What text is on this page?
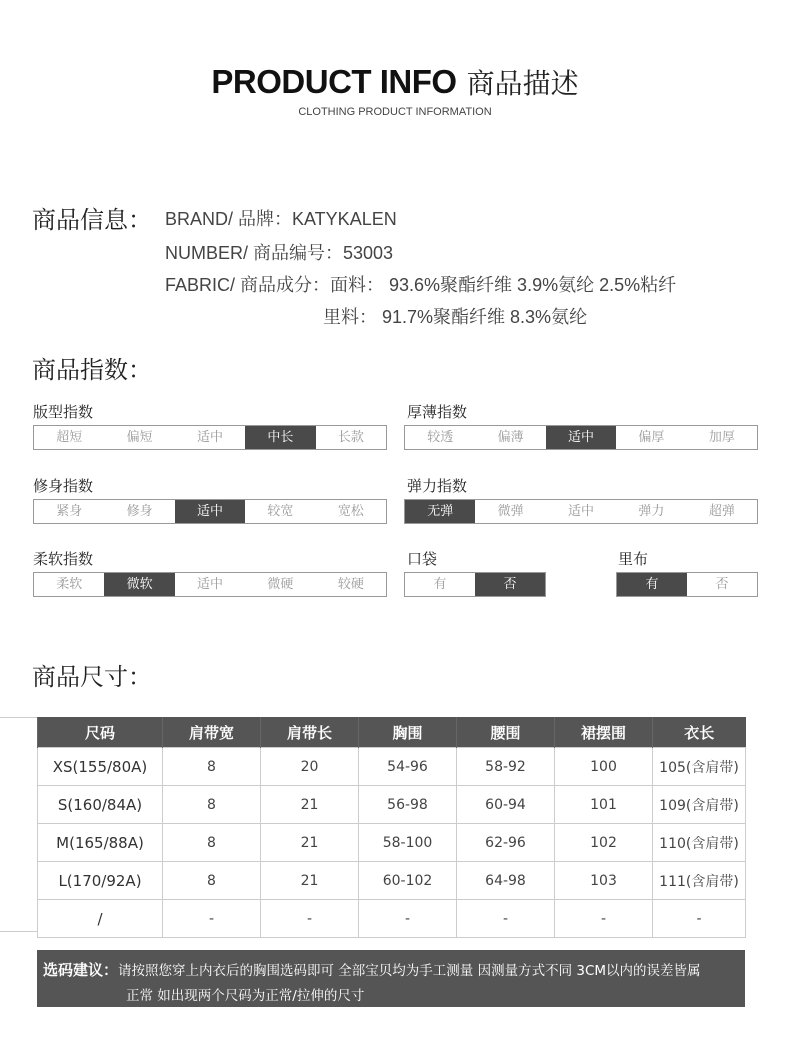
PRODUCT INFO 商品描述
CLOTHING PRODUCT INFORMATION
商品信息： BRAND/ 品牌：KATYKALEN
NUMBER/ 商品编号：53003
FABRIC/ 商品成分：面料： 93.6%聚酯纤维 3.9%氨纶 2.5%粘纤
里料： 91.7%聚酯纤维 8.3%氨纶
商品指数：
版型指数
超短	偏短	适中	中长	长款
厚薄指数
较透	偏薄	适中	偏厚	加厚
修身指数
紧身	修身	适中	较宽	宽松
弹力指数
无弹	微弹	适中	弹力	超弹
柔软指数
柔软	微软	适中	微硬	较硬
口袋
有	否
里布
有	否
商品尺寸：
尺码	肩带宽	肩带长	胸围	腰围	裙摆围	衣长
XS(155/80A)	8	20	54-96	58-92	100	105(含肩带)
S(160/84A)	8	21	56-98	60-94	101	109(含肩带)
M(165/88A)	8	21	58-100	62-96	102	110(含肩带)
L(170/92A)	8	21	60-102	64-98	103	111(含肩带)
/	-	-	-	-	-	-
选码建议：请按照您穿上内衣后的胸围选码即可 全部宝贝均为手工测量 因测量方式不同 3CM以内的误差皆属
正常 如出现两个尺码为正常/拉伸的尺寸
